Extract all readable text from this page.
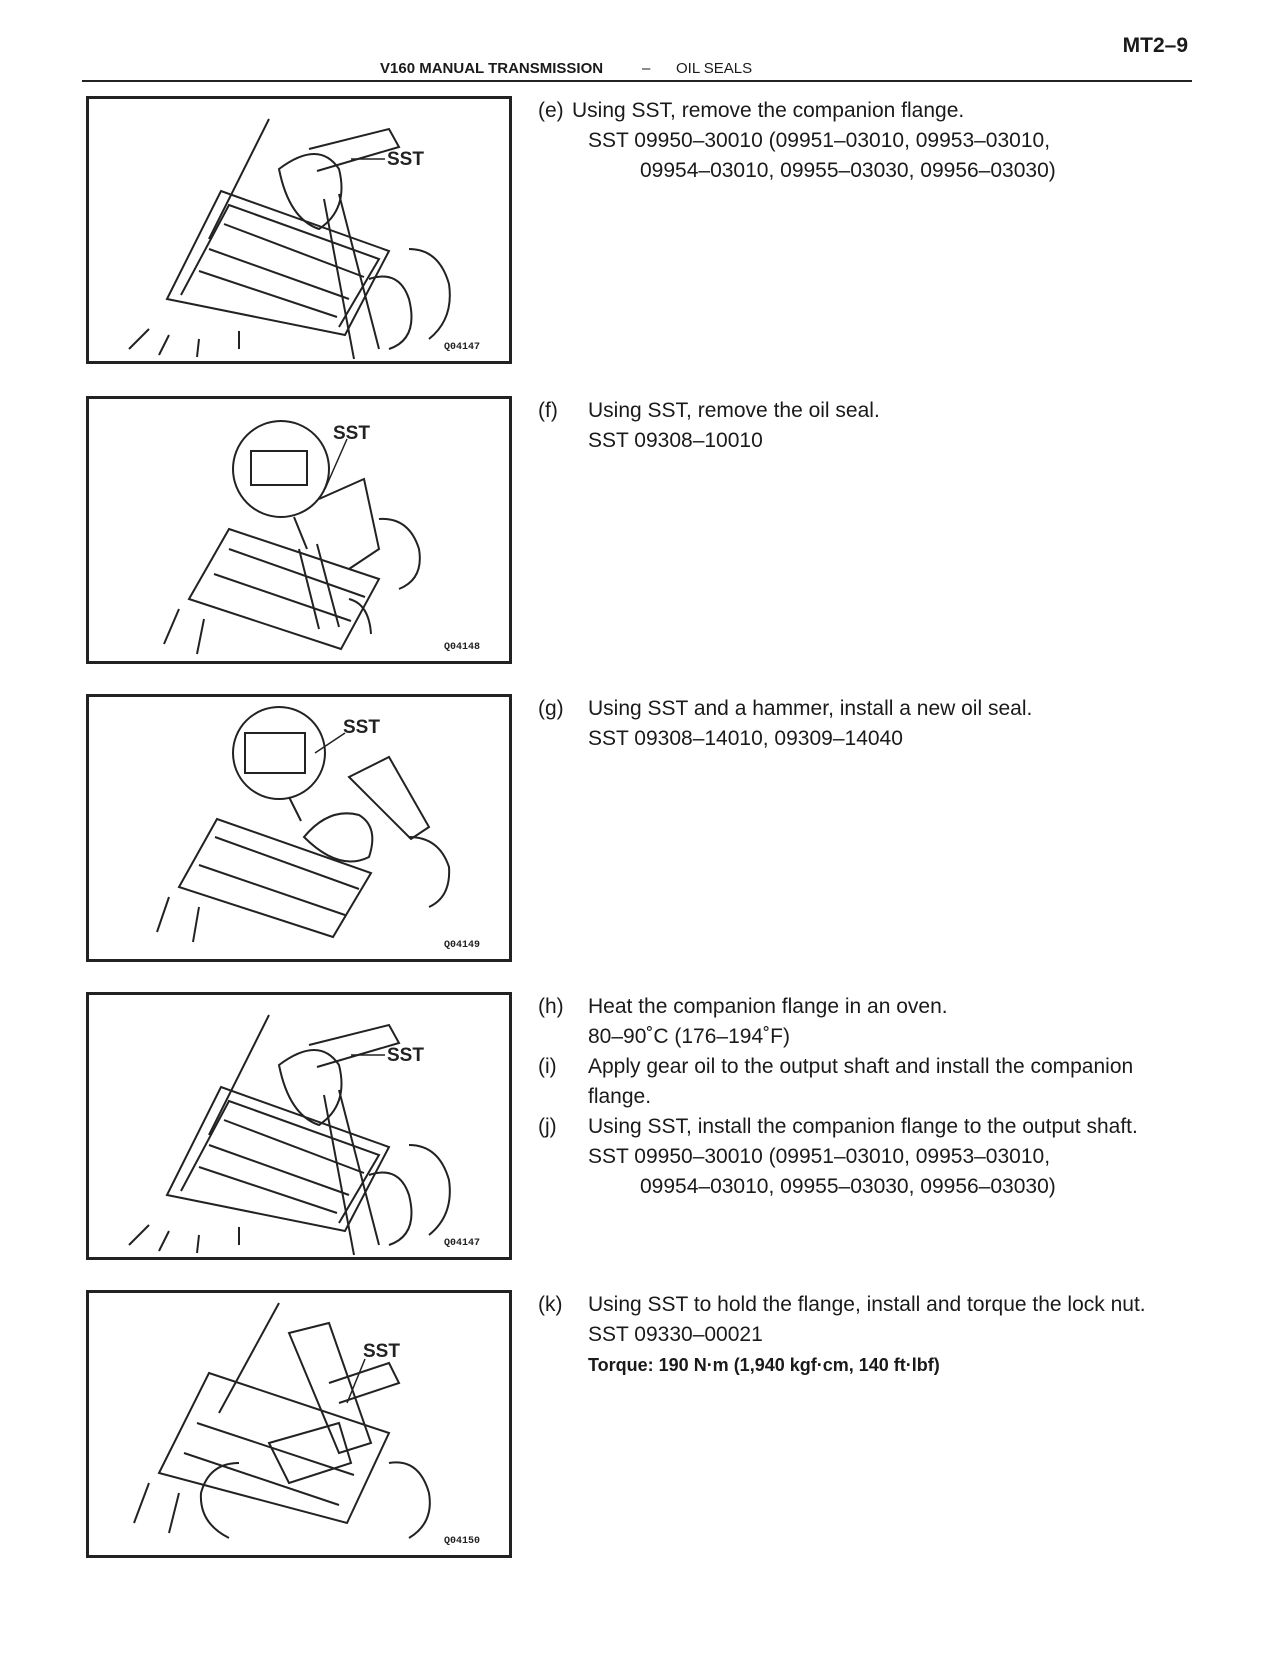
MT2–9
V160 MANUAL TRANSMISSION	– OIL SEALS
SST
Q04147
(e) Using SST, remove the companion flange.
SST 09950–30010 (09951–03010, 09953–03010,
09954–03010, 09955–03030, 09956–03030)
SST
Q04148
(f) Using SST, remove the oil seal.
SST 09308–10010
SST
Q04149
(g) Using SST and a hammer, install a new oil seal.
SST 09308–14010, 09309–14040
SST
Q04147
(h) Heat the companion flange in an oven.
80–90˚C (176–194˚F)
(i) Apply gear oil to the output shaft and install the companion
flange.
(j) Using SST, install the companion flange to the output shaft.
SST 09950–30010 (09951–03010, 09953–03010,
09954–03010, 09955–03030, 09956–03030)
SST
Q04150
(k) Using SST to hold the flange, install and torque the lock nut.
SST 09330–00021
Torque: 190 N·m (1,940 kgf·cm, 140 ft·lbf)
